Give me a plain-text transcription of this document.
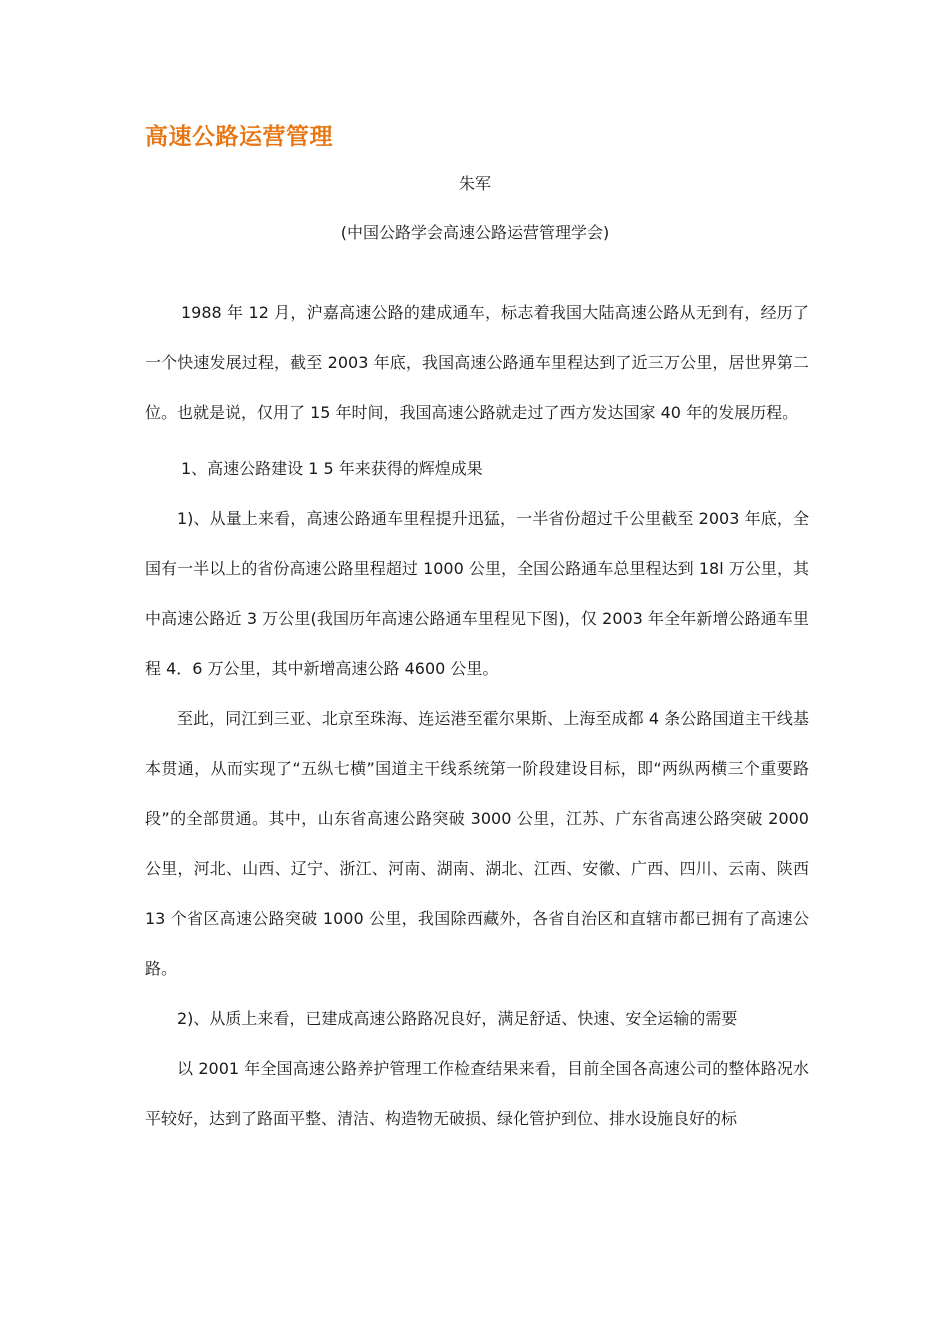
高速公路运营管理

朱军

(中国公路学会高速公路运营管理学会)

1988 年 12 月，沪嘉高速公路的建成通车，标志着我国大陆高速公路从无到有，经历了一个快速发展过程，截至 2003 年底，我国高速公路通车里程达到了近三万公里，居世界第二位。也就是说，仅用了 15 年时间，我国高速公路就走过了西方发达国家 40 年的发展历程。

1、高速公路建设 1 5 年来获得的辉煌成果

1)、从量上来看，高速公路通车里程提升迅猛，一半省份超过千公里截至 2003 年底，全国有一半以上的省份高速公路里程超过 1000 公里，全国公路通车总里程达到 18l 万公里，其中高速公路近 3 万公里(我国历年高速公路通车里程见下图)，仅 2003 年全年新增公路通车里程 4．6 万公里，其中新增高速公路 4600 公里。

至此，同江到三亚、北京至珠海、连运港至霍尔果斯、上海至成都 4 条公路国道主干线基本贯通，从而实现了“五纵七横”国道主干线系统第一阶段建设目标，即“两纵两横三个重要路段”的全部贯通。其中，山东省高速公路突破 3000 公里，江苏、广东省高速公路突破 2000 公里，河北、山西、辽宁、浙江、河南、湖南、湖北、江西、安徽、广西、四川、云南、陕西 13 个省区高速公路突破 1000 公里，我国除西藏外，各省自治区和直辖市都已拥有了高速公路。

2)、从质上来看，已建成高速公路路况良好，满足舒适、快速、安全运输的需要

以 2001 年全国高速公路养护管理工作检查结果来看，目前全国各高速公司的整体路况水平较好，达到了路面平整、清洁、构造物无破损、绿化管护到位、排水设施良好的标
